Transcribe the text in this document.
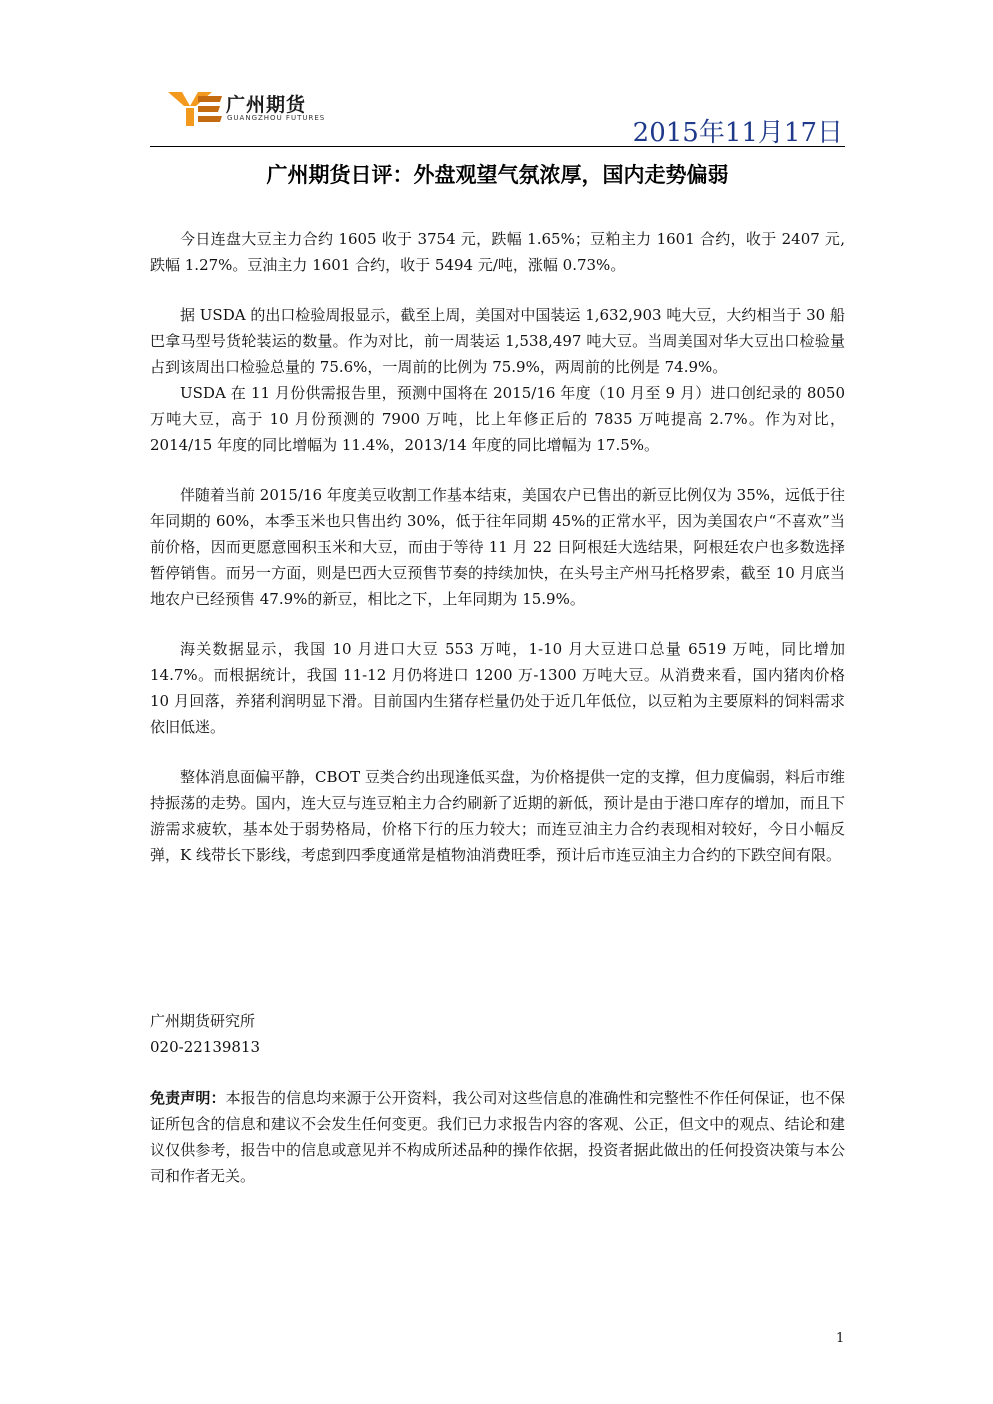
广州期货
GUANGZHOU FUTURES	2015年11月17日
广州期货日评：外盘观望气氛浓厚，国内走势偏弱

今日连盘大豆主力合约 1605 收于 3754 元，跌幅 1.65%；豆粕主力 1601 合约，收于 2407 元,跌幅 1.27%。豆油主力 1601 合约，收于 5494 元/吨，涨幅 0.73%。

据 USDA 的出口检验周报显示，截至上周，美国对中国装运 1,632,903 吨大豆，大约相当于 30 船巴拿马型号货轮装运的数量。作为对比，前一周装运 1,538,497 吨大豆。当周美国对华大豆出口检验量占到该周出口检验总量的 75.6%，一周前的比例为 75.9%，两周前的比例是 74.9%。

USDA 在 11 月份供需报告里，预测中国将在 2015/16 年度（10 月至 9 月）进口创纪录的 8050 万吨大豆，高于 10 月份预测的 7900 万吨，比上年修正后的 7835 万吨提高 2.7%。作为对比，2014/15 年度的同比增幅为 11.4%，2013/14 年度的同比增幅为 17.5%。

伴随着当前 2015/16 年度美豆收割工作基本结束，美国农户已售出的新豆比例仅为 35%，远低于往年同期的 60%，本季玉米也只售出约 30%，低于往年同期 45%的正常水平，因为美国农户“不喜欢”当前价格，因而更愿意囤积玉米和大豆，而由于等待 11 月 22 日阿根廷大选结果，阿根廷农户也多数选择暂停销售。而另一方面，则是巴西大豆预售节奏的持续加快，在头号主产州马托格罗索，截至 10 月底当地农户已经预售 47.9%的新豆，相比之下，上年同期为 15.9%。

海关数据显示，我国 10 月进口大豆 553 万吨，1-10 月大豆进口总量 6519 万吨，同比增加 14.7%。而根据统计，我国 11-12 月仍将进口 1200 万-1300 万吨大豆。从消费来看，国内猪肉价格 10 月回落，养猪利润明显下滑。目前国内生猪存栏量仍处于近几年低位，以豆粕为主要原料的饲料需求依旧低迷。

整体消息面偏平静，CBOT 豆类合约出现逢低买盘，为价格提供一定的支撑，但力度偏弱，料后市维持振荡的走势。国内，连大豆与连豆粕主力合约刷新了近期的新低，预计是由于港口库存的增加，而且下游需求疲软，基本处于弱势格局，价格下行的压力较大；而连豆油主力合约表现相对较好，今日小幅反弹，K 线带长下影线，考虑到四季度通常是植物油消费旺季，预计后市连豆油主力合约的下跌空间有限。

广州期货研究所
020-22139813
免责声明：本报告的信息均来源于公开资料，我公司对这些信息的准确性和完整性不作任何保证，也不保证所包含的信息和建议不会发生任何变更。我们已力求报告内容的客观、公正，但文中的观点、结论和建议仅供参考，报告中的信息或意见并不构成所述品种的操作依据，投资者据此做出的任何投资决策与本公司和作者无关。
1
